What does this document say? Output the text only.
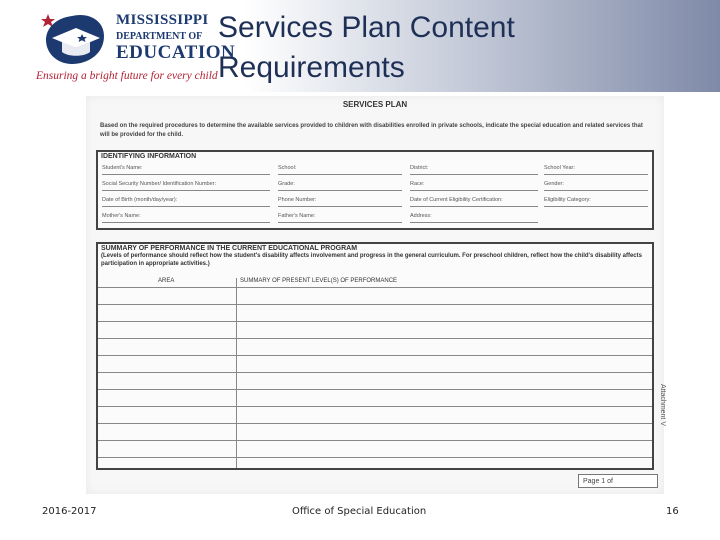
MISSISSIPPI
DEPARTMENT OF
EDUCATION
Ensuring a bright future for every child
Services Plan Content
Requirements
SERVICES PLAN
Based on the required procedures to determine the available services provided to children with disabilities enrolled in private schools, indicate the special education and related services that will be provided for the child.
IDENTIFYING INFORMATION
Student's Name:	School:	District:	School Year:
Social Security Number/ Identification Number:	Grade:	Race:	Gender:
Date of Birth (month/day/year):	Phone Number:	Date of Current Eligibility Certification:	Eligibility Category:
Mother's Name:	Father's Name:	Address:
SUMMARY OF PERFORMANCE IN THE CURRENT EDUCATIONAL PROGRAM
(Levels of performance should reflect how the student's disability affects involvement and progress in the general curriculum. For preschool children, reflect how the child's disability affects participation in appropriate activities.)
AREA	SUMMARY OF PRESENT LEVEL(S) OF PERFORMANCE
Attachment V
Page 1 of
2016-2017	Office of Special Education	16
